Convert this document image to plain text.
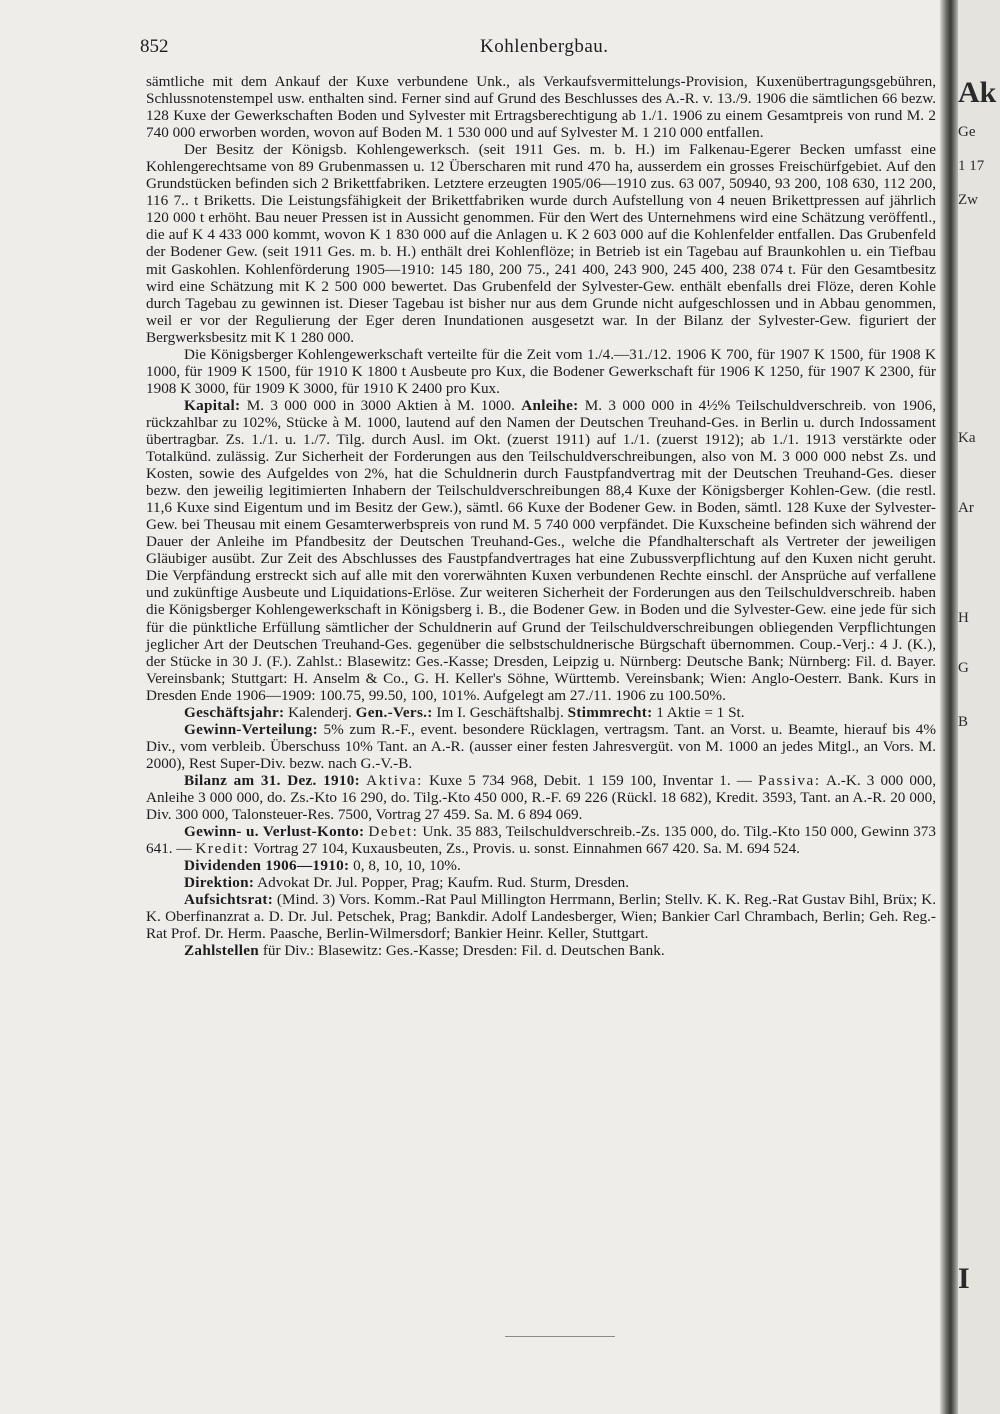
852	Kohlenbergbau.

sämtliche mit dem Ankauf der Kuxe verbundene Unk., als Verkaufsvermittelungs-Provision, Kuxenübertragungsgebühren, Schlussnotenstempel usw. enthalten sind. Ferner sind auf Grund des Beschlusses des A.-R. v. 13./9. 1906 die sämtlichen 66 bezw. 128 Kuxe der Gewerkschaften Boden und Sylvester mit Ertragsberechtigung ab 1./1. 1906 zu einem Gesamtpreis von rund M. 2 740 000 erworben worden, wovon auf Boden M. 1 530 000 und auf Sylvester M. 1 210 000 entfallen.

Der Besitz der Königsb. Kohlengewerksch. (seit 1911 Ges. m. b. H.) im Falkenau-Egerer Becken umfasst eine Kohlengerechtsame von 89 Grubenmassen u. 12 Überscharen mit rund 470 ha, ausserdem ein grosses Freischürfgebiet. Auf den Grundstücken befinden sich 2 Brikettfabriken. Letztere erzeugten 1905/06—1910 zus. 63 007, 50940, 93 200, 108 630, 112 200, 116 7.. t Briketts. Die Leistungsfähigkeit der Brikettfabriken wurde durch Aufstellung von 4 neuen Brikettpressen auf jährlich 120 000 t erhöht. Bau neuer Pressen ist in Aussicht genommen. Für den Wert des Unternehmens wird eine Schätzung veröffentl., die auf K 4 433 000 kommt, wovon K 1 830 000 auf die Anlagen u. K 2 603 000 auf die Kohlenfelder entfallen. Das Grubenfeld der Bodener Gew. (seit 1911 Ges. m. b. H.) enthält drei Kohlenflöze; in Betrieb ist ein Tagebau auf Braunkohlen u. ein Tiefbau mit Gaskohlen. Kohlenförderung 1905—1910: 145 180, 200 75., 241 400, 243 900, 245 400, 238 074 t. Für den Gesamtbesitz wird eine Schätzung mit K 2 500 000 bewertet. Das Grubenfeld der Sylvester-Gew. enthält ebenfalls drei Flöze, deren Kohle durch Tagebau zu gewinnen ist. Dieser Tagebau ist bisher nur aus dem Grunde nicht aufgeschlossen und in Abbau genommen, weil er vor der Regulierung der Eger deren Inundationen ausgesetzt war. In der Bilanz der Sylvester-Gew. figuriert der Bergwerksbesitz mit K 1 280 000.

Die Königsberger Kohlengewerkschaft verteilte für die Zeit vom 1./4.—31./12. 1906 K 700, für 1907 K 1500, für 1908 K 1000, für 1909 K 1500, für 1910 K 1800 t Ausbeute pro Kux, die Bodener Gewerkschaft für 1906 K 1250, für 1907 K 2300, für 1908 K 3000, für 1909 K 3000, für 1910 K 2400 pro Kux.

Kapital: M. 3 000 000 in 3000 Aktien à M. 1000. Anleihe: M. 3 000 000 in 4½% Teilschuldverschreib. von 1906, rückzahlbar zu 102%, Stücke à M. 1000, lautend auf den Namen der Deutschen Treuhand-Ges. in Berlin u. durch Indossament übertragbar. Zs. 1./1. u. 1./7. Tilg. durch Ausl. im Okt. (zuerst 1911) auf 1./1. (zuerst 1912); ab 1./1. 1913 verstärkte oder Totalkünd. zulässig. Zur Sicherheit der Forderungen aus den Teilschuldverschreibungen, also von M. 3 000 000 nebst Zs. und Kosten, sowie des Aufgeldes von 2%, hat die Schuldnerin durch Faustpfandvertrag mit der Deutschen Treuhand-Ges. dieser bezw. den jeweilig legitimierten Inhabern der Teilschuldverschreibungen 88,4 Kuxe der Königsberger Kohlen-Gew. (die restl. 11,6 Kuxe sind Eigentum und im Besitz der Gew.), sämtl. 66 Kuxe der Bodener Gew. in Boden, sämtl. 128 Kuxe der Sylvester-Gew. bei Theusau mit einem Gesamterwerbspreis von rund M. 5 740 000 verpfändet. Die Kuxscheine befinden sich während der Dauer der Anleihe im Pfandbesitz der Deutschen Treuhand-Ges., welche die Pfandhalterschaft als Vertreter der jeweiligen Gläubiger ausübt. Zur Zeit des Abschlusses des Faustpfandvertrages hat eine Zubussverpflichtung auf den Kuxen nicht geruht. Die Verpfändung erstreckt sich auf alle mit den vorerwähnten Kuxen verbundenen Rechte einschl. der Ansprüche auf verfallene und zukünftige Ausbeute und Liquidations-Erlöse. Zur weiteren Sicherheit der Forderungen aus den Teilschuldverschreib. haben die Königsberger Kohlengewerkschaft in Königsberg i. B., die Bodener Gew. in Boden und die Sylvester-Gew. eine jede für sich für die pünktliche Erfüllung sämtlicher der Schuldnerin auf Grund der Teilschuldverschreibungen obliegenden Verpflichtungen jeglicher Art der Deutschen Treuhand-Ges. gegenüber die selbstschuldnerische Bürgschaft übernommen. Coup.-Verj.: 4 J. (K.), der Stücke in 30 J. (F.). Zahlst.: Blasewitz: Ges.-Kasse; Dresden, Leipzig u. Nürnberg: Deutsche Bank; Nürnberg: Fil. d. Bayer. Vereinsbank; Stuttgart: H. Anselm & Co., G. H. Keller's Söhne, Württemb. Vereinsbank; Wien: Anglo-Oesterr. Bank. Kurs in Dresden Ende 1906—1909: 100.75, 99.50, 100, 101%. Aufgelegt am 27./11. 1906 zu 100.50%.

Geschäftsjahr: Kalenderj. Gen.-Vers.: Im I. Geschäftshalbj. Stimmrecht: 1 Aktie = 1 St.

Gewinn-Verteilung: 5% zum R.-F., event. besondere Rücklagen, vertragsm. Tant. an Vorst. u. Beamte, hierauf bis 4% Div., vom verbleib. Überschuss 10% Tant. an A.-R. (ausser einer festen Jahresvergüt. von M. 1000 an jedes Mitgl., an Vors. M. 2000), Rest Super-Div. bezw. nach G.-V.-B.

Bilanz am 31. Dez. 1910: Aktiva: Kuxe 5 734 968, Debit. 1 159 100, Inventar 1. — Passiva: A.-K. 3 000 000, Anleihe 3 000 000, do. Zs.-Kto 16 290, do. Tilg.-Kto 450 000, R.-F. 69 226 (Rückl. 18 682), Kredit. 3593, Tant. an A.-R. 20 000, Div. 300 000, Talonsteuer-Res. 7500, Vortrag 27 459. Sa. M. 6 894 069.

Gewinn- u. Verlust-Konto: Debet: Unk. 35 883, Teilschuldverschreib.-Zs. 135 000, do. Tilg.-Kto 150 000, Gewinn 373 641. — Kredit: Vortrag 27 104, Kuxausbeuten, Zs., Provis. u. sonst. Einnahmen 667 420. Sa. M. 694 524.

Dividenden 1906—1910: 0, 8, 10, 10, 10%.

Direktion: Advokat Dr. Jul. Popper, Prag; Kaufm. Rud. Sturm, Dresden.

Aufsichtsrat: (Mind. 3) Vors. Komm.-Rat Paul Millington Herrmann, Berlin; Stellv. K. K. Reg.-Rat Gustav Bihl, Brüx; K. K. Oberfinanzrat a. D. Dr. Jul. Petschek, Prag; Bankdir. Adolf Landesberger, Wien; Bankier Carl Chrambach, Berlin; Geh. Reg.-Rat Prof. Dr. Herm. Paasche, Berlin-Wilmersdorf; Bankier Heinr. Keller, Stuttgart.

Zahlstellen für Div.: Blasewitz: Ges.-Kasse; Dresden: Fil. d. Deutschen Bank.

Ak
Ge
1 17
Zw
Ka
Ar
H
G
B
I
